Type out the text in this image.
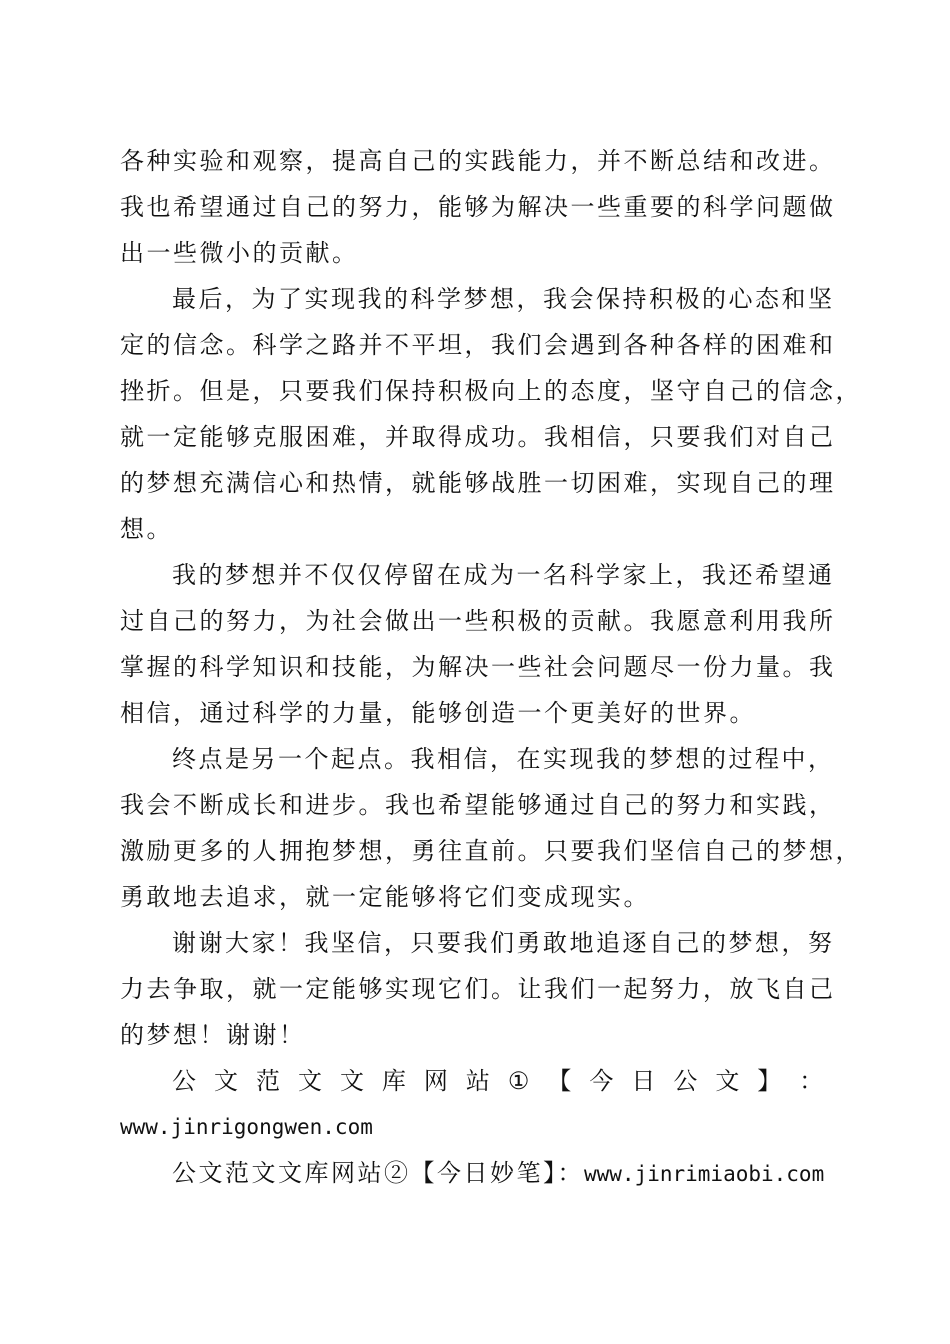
各种实验和观察，提高自己的实践能力，并不断总结和改进。
我也希望通过自己的努力，能够为解决一些重要的科学问题做
出一些微小的贡献。
最后，为了实现我的科学梦想，我会保持积极的心态和坚
定的信念。科学之路并不平坦，我们会遇到各种各样的困难和
挫折。但是，只要我们保持积极向上的态度，坚守自己的信念，
就一定能够克服困难，并取得成功。我相信，只要我们对自己
的梦想充满信心和热情，就能够战胜一切困难，实现自己的理
想。
我的梦想并不仅仅停留在成为一名科学家上，我还希望通
过自己的努力，为社会做出一些积极的贡献。我愿意利用我所
掌握的科学知识和技能，为解决一些社会问题尽一份力量。我
相信，通过科学的力量，能够创造一个更美好的世界。
终点是另一个起点。我相信，在实现我的梦想的过程中，
我会不断成长和进步。我也希望能够通过自己的努力和实践，
激励更多的人拥抱梦想，勇往直前。只要我们坚信自己的梦想，
勇敢地去追求，就一定能够将它们变成现实。
谢谢大家！我坚信，只要我们勇敢地追逐自己的梦想，努
力去争取，就一定能够实现它们。让我们一起努力，放飞自己
的梦想！谢谢！
公 文 范 文 文 库 网 站 ① 【 今 日 公 文 】 ：
www.jinrigongwen.com
公文范文文库网站②【今日妙笔】：www.jinrimiaobi.com
